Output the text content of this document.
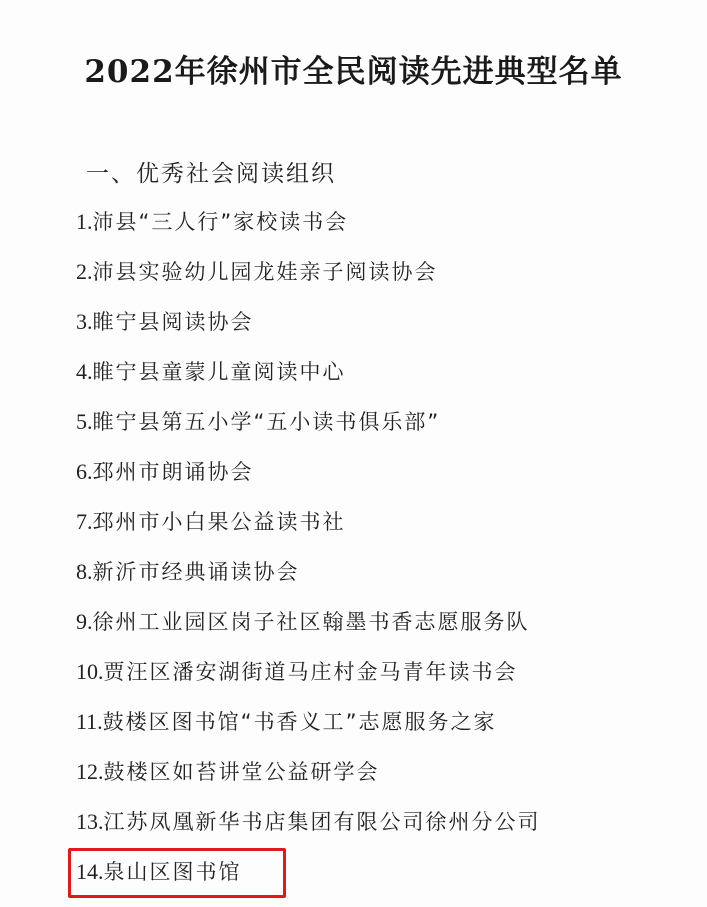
2022年徐州市全民阅读先进典型名单
一、优秀社会阅读组织
1.沛县“三人行”家校读书会
2.沛县实验幼儿园龙娃亲子阅读协会
3.睢宁县阅读协会
4.睢宁县童蒙儿童阅读中心
5.睢宁县第五小学“五小读书俱乐部”
6.邳州市朗诵协会
7.邳州市小白果公益读书社
8.新沂市经典诵读协会
9.徐州工业园区岗子社区翰墨书香志愿服务队
10.贾汪区潘安湖街道马庄村金马青年读书会
11.鼓楼区图书馆“书香义工”志愿服务之家
12.鼓楼区如苔讲堂公益研学会
13.江苏凤凰新华书店集团有限公司徐州分公司
14.泉山区图书馆
